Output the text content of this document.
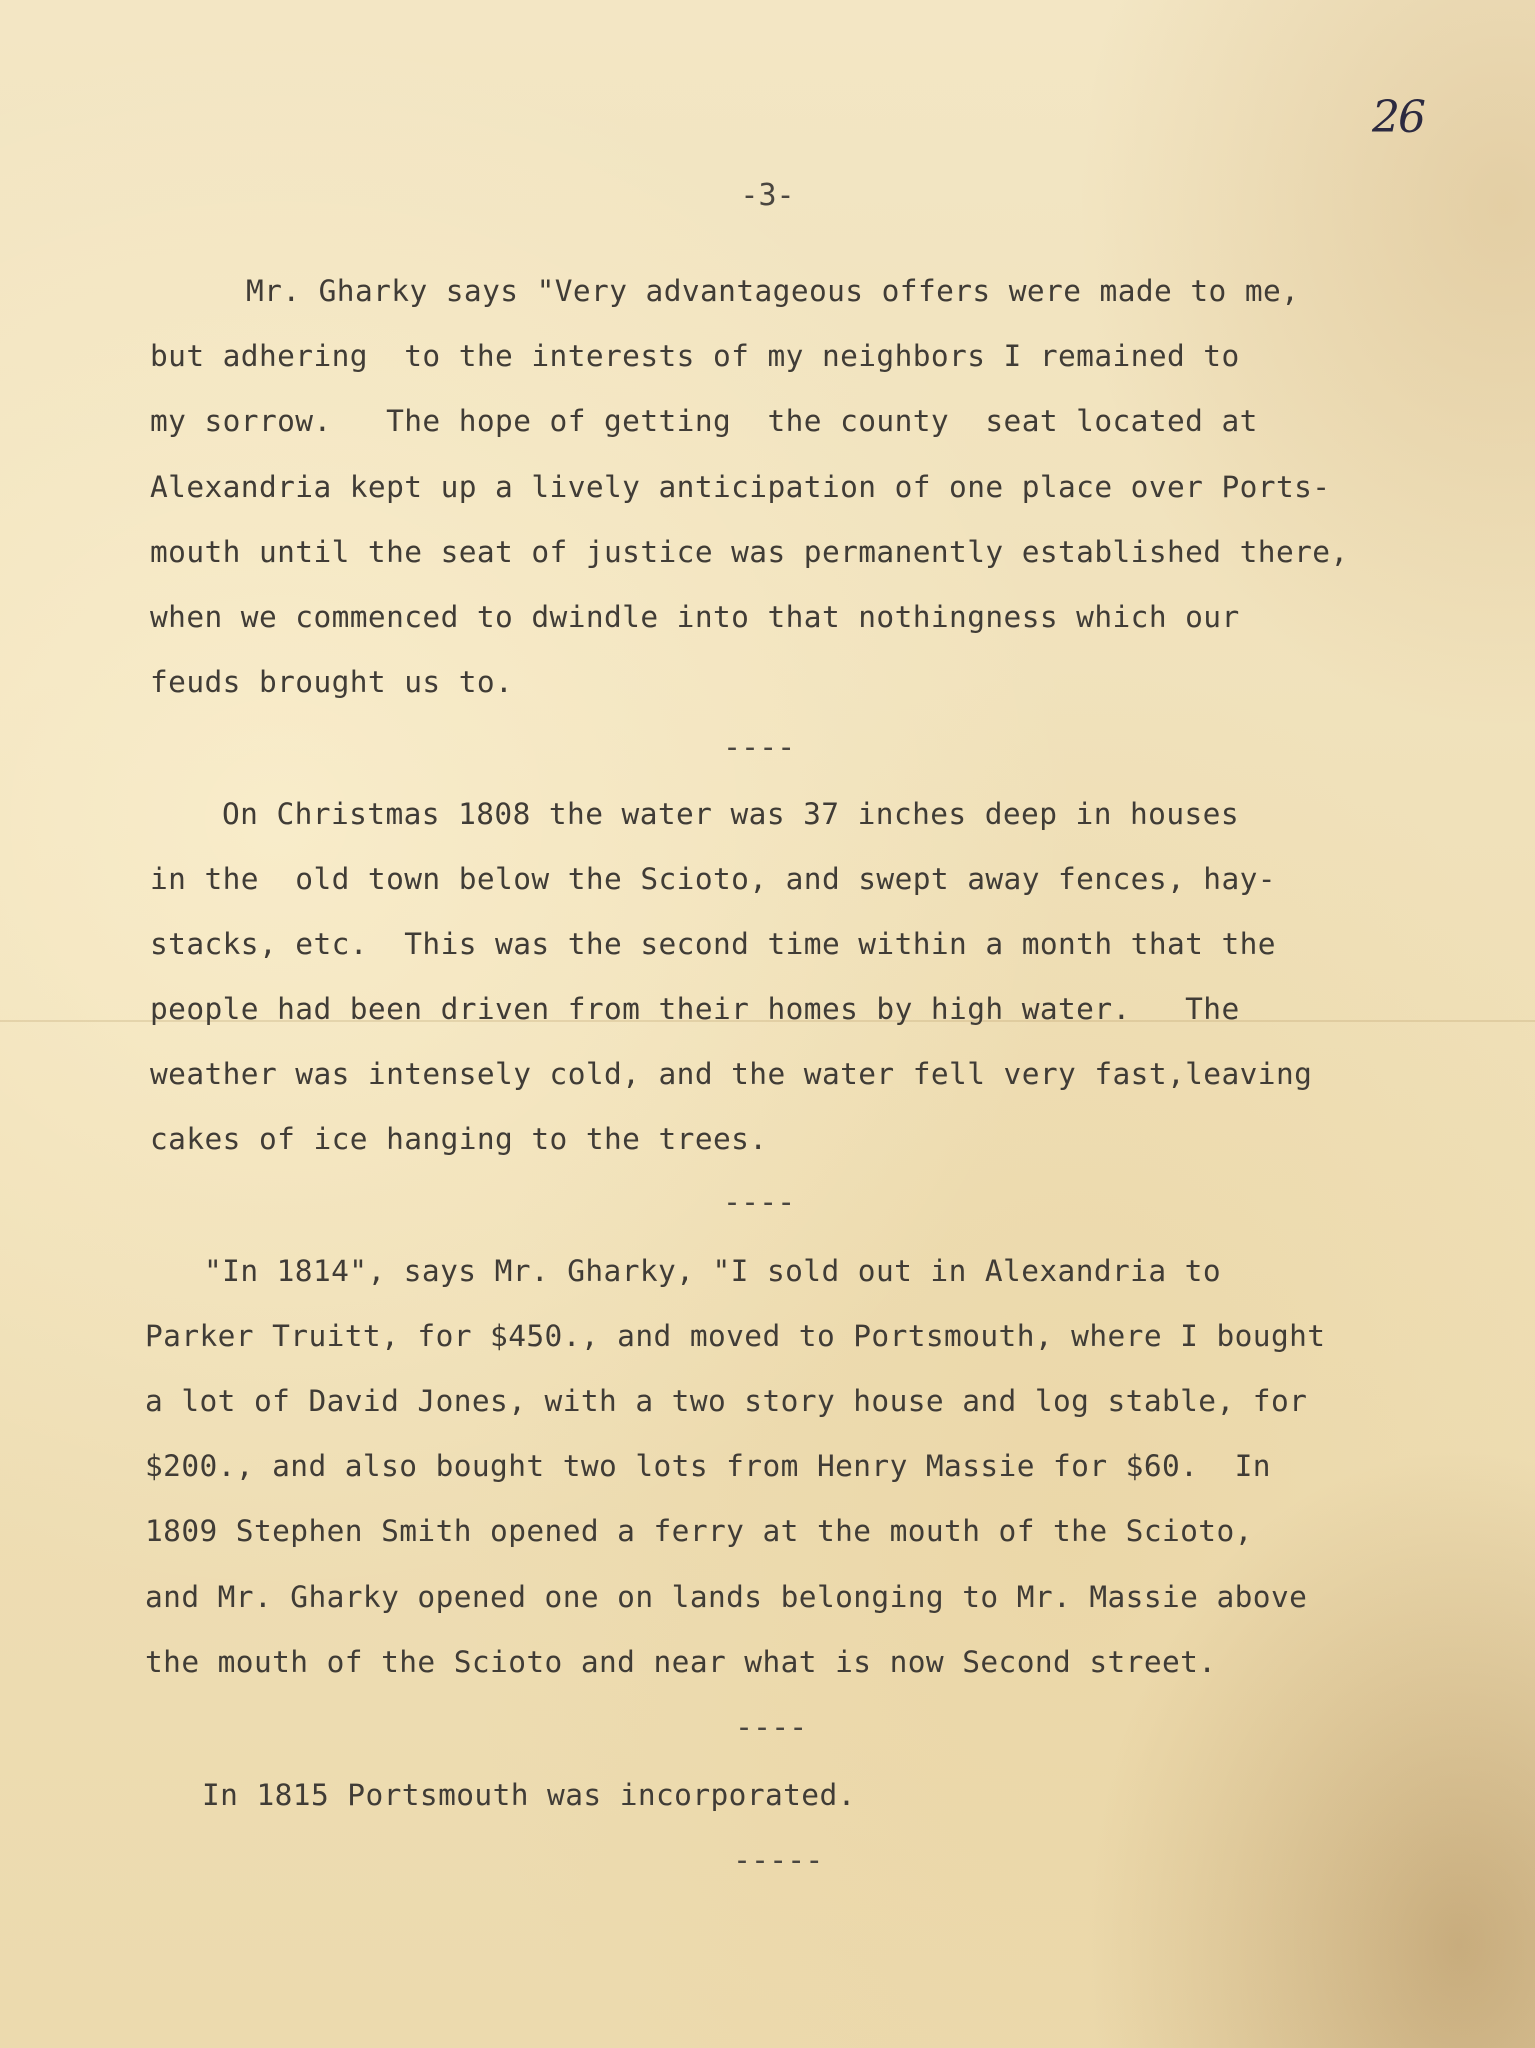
26
-3-
Mr. Gharky says "Very advantageous offers were made to me,
but adhering  to the interests of my neighbors I remained to
my sorrow.   The hope of getting  the county  seat located at
Alexandria kept up a lively anticipation of one place over Ports-
mouth until the seat of justice was permanently established there,
when we commenced to dwindle into that nothingness which our
feuds brought us to.
----
On Christmas 1808 the water was 37 inches deep in houses
in the  old town below the Scioto, and swept away fences, hay-
stacks, etc.  This was the second time within a month that the
people had been driven from their homes by high water.   The
weather was intensely cold, and the water fell very fast,leaving
cakes of ice hanging to the trees.
----
"In 1814", says Mr. Gharky, "I sold out in Alexandria to
Parker Truitt, for $450., and moved to Portsmouth, where I bought
a lot of David Jones, with a two story house and log stable, for
$200., and also bought two lots from Henry Massie for $60.  In
1809 Stephen Smith opened a ferry at the mouth of the Scioto,
and Mr. Gharky opened one on lands belonging to Mr. Massie above
the mouth of the Scioto and near what is now Second street.
----
In 1815 Portsmouth was incorporated.
-----
